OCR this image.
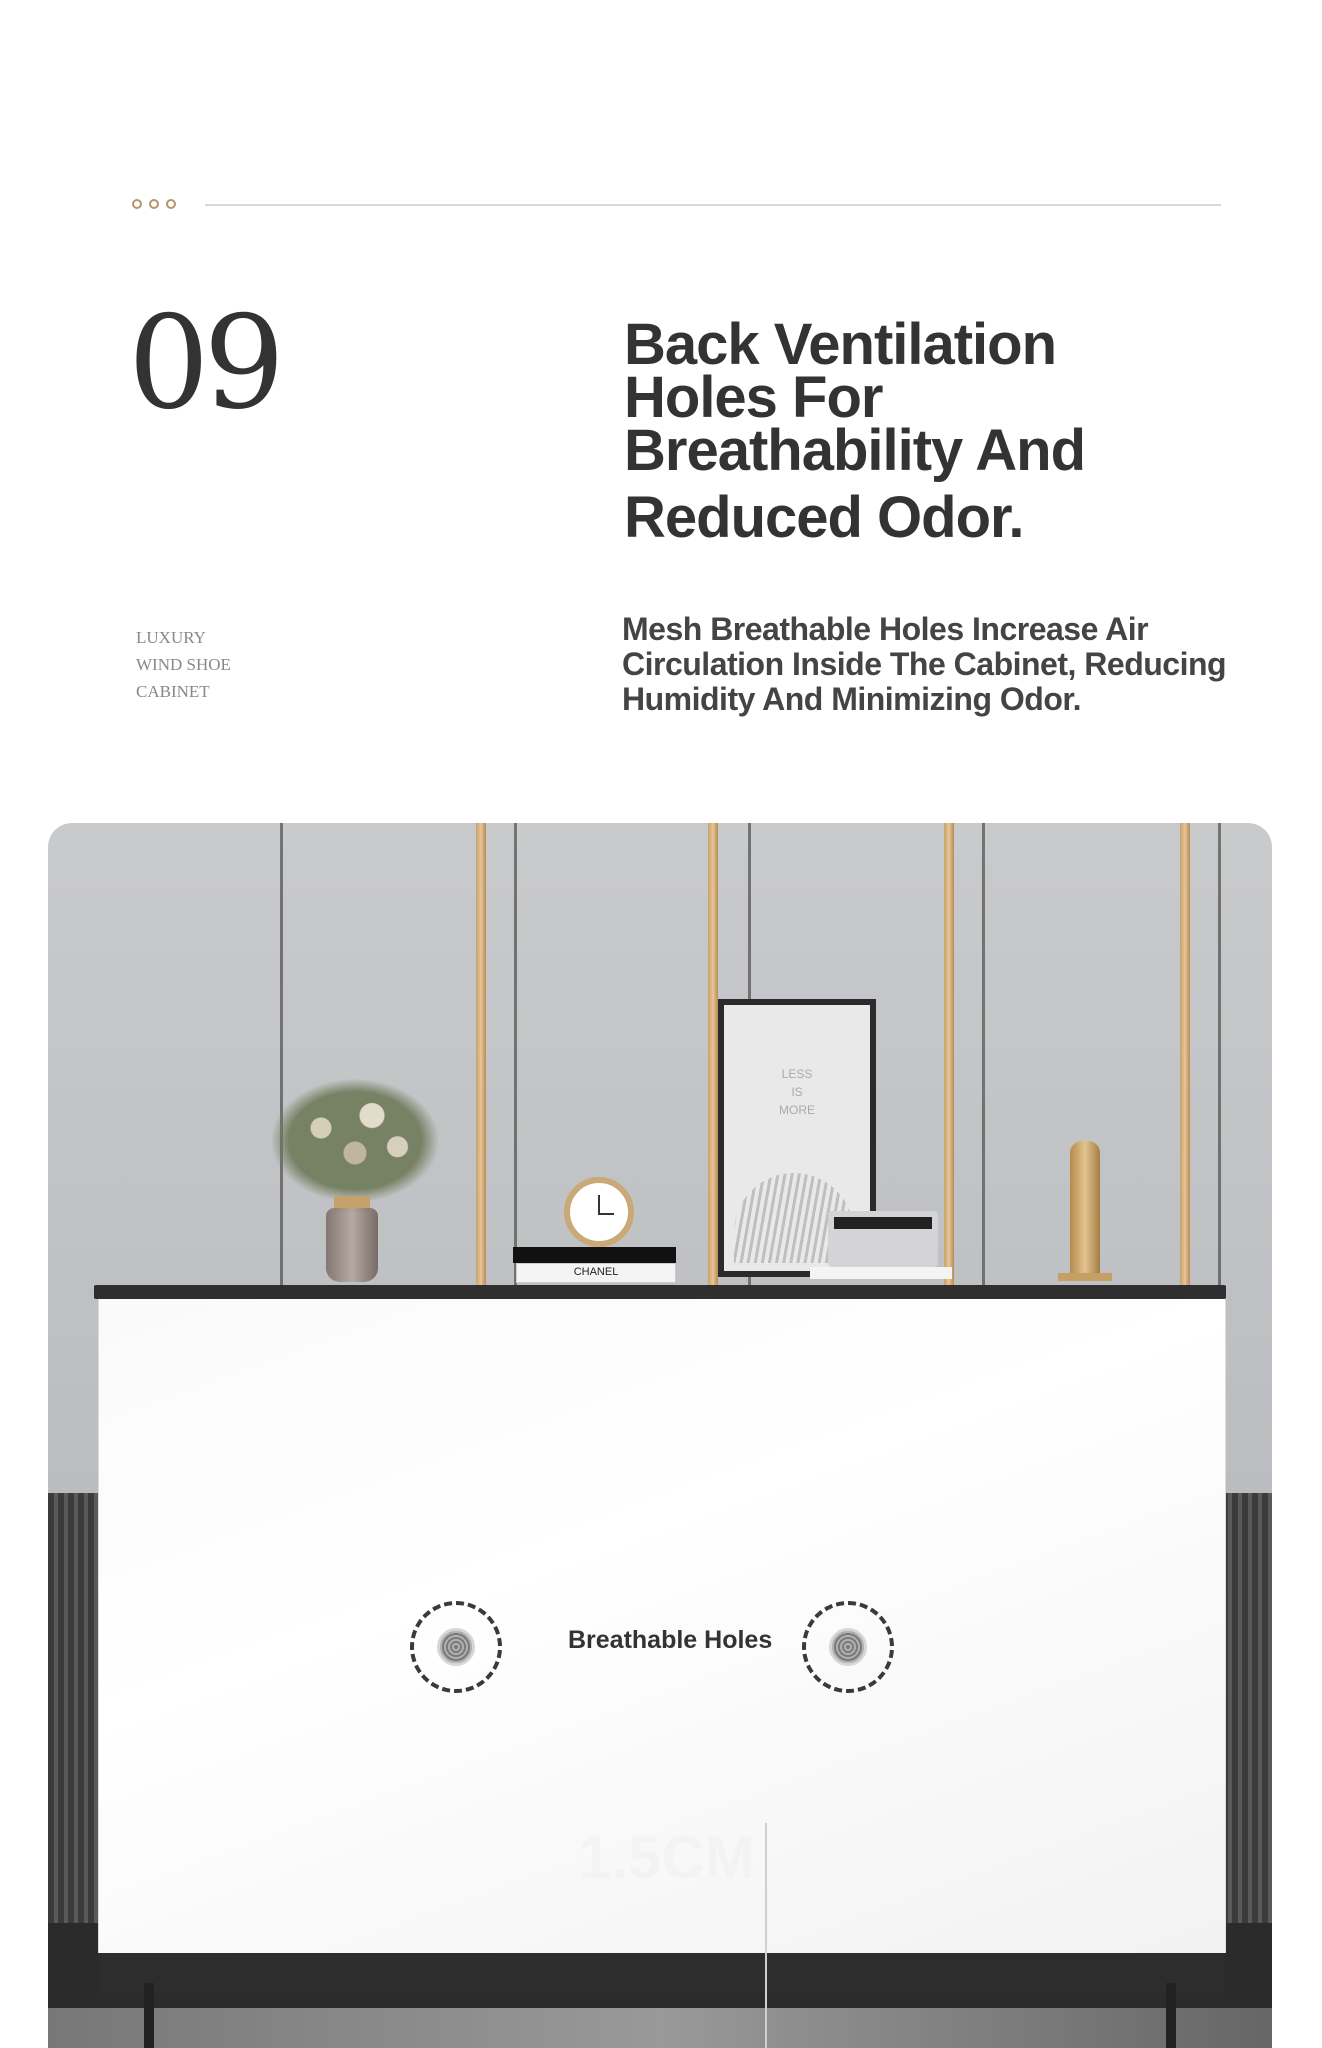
09
LUXURY
WIND SHOE
CABINET
Back Ventilation
Holes For
Breathability And
Reduced Odor.
Mesh Breathable Holes Increase Air
Circulation Inside The Cabinet, Reducing
Humidity And Minimizing Odor.
CHANEL
LESS
IS
MORE
Breathable Holes
1.5CM
